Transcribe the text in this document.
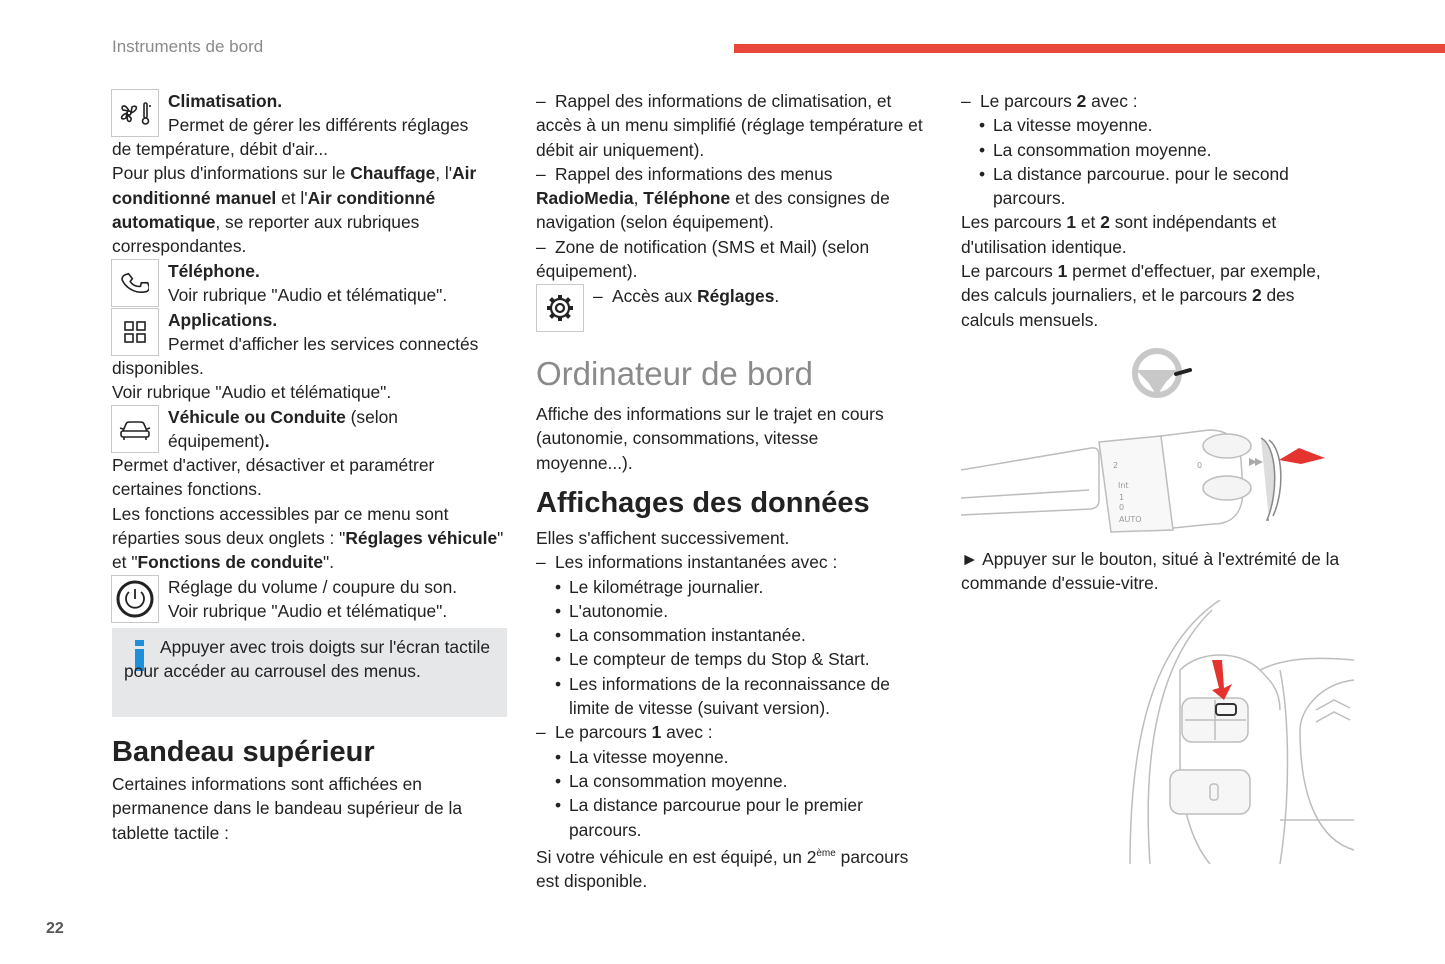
Instruments de bord
22

Climatisation.

Permet de gérer les différents réglages

de température, débit d'air...

Pour plus d'informations sur le Chauffage, l'Air conditionné manuel et l'Air conditionné automatique, se reporter aux rubriques correspondantes.

Téléphone.

Voir rubrique "Audio et télématique".

Applications.

Permet d'afficher les services connectés

disponibles.

Voir rubrique "Audio et télématique".

Véhicule ou Conduite (selon

équipement).

Permet d'activer, désactiver et paramétrer certaines fonctions.

Les fonctions accessibles par ce menu sont réparties sous deux onglets : "Réglages véhicule" et "Fonctions de conduite".

Réglage du volume / coupure du son.

Voir rubrique "Audio et télématique".

Appuyer avec trois doigts sur l'écran tactile pour accéder au carrousel des menus.
Bandeau supérieur

Certaines informations sont affichées en permanence dans le bandeau supérieur de la tablette tactile :

– Rappel des informations de climatisation, et accès à un menu simplifié (réglage température et débit air uniquement).

– Rappel des informations des menus RadioMedia, Téléphone et des consignes de navigation (selon équipement).

– Zone de notification (SMS et Mail) (selon équipement).

– Accès aux Réglages.

Ordinateur de bord

Affiche des informations sur le trajet en cours (autonomie, consommations, vitesse moyenne...).

Affichages des données

Elles s'affichent successivement.

– Les informations instantanées avec :

• Le kilométrage journalier.

• L'autonomie.

• La consommation instantanée.

• Le compteur de temps du Stop & Start.

• Les informations de la reconnaissance de

limite de vitesse (suivant version).

– Le parcours 1 avec :

• La vitesse moyenne.

• La consommation moyenne.

• La distance parcourue pour le premier

parcours.

Si votre véhicule en est équipé, un 2ème parcours est disponible.

– Le parcours 2 avec :

• La vitesse moyenne.

• La consommation moyenne.

• La distance parcourue. pour le second

parcours.

Les parcours 1 et 2 sont indépendants et d'utilisation identique.

Le parcours 1 permet d'effectuer, par exemple, des calculs journaliers, et le parcours 2 des calculs mensuels.

2
Int
1
0
AUTO
0

► Appuyer sur le bouton, situé à l'extrémité de la commande d'essuie-vitre.
